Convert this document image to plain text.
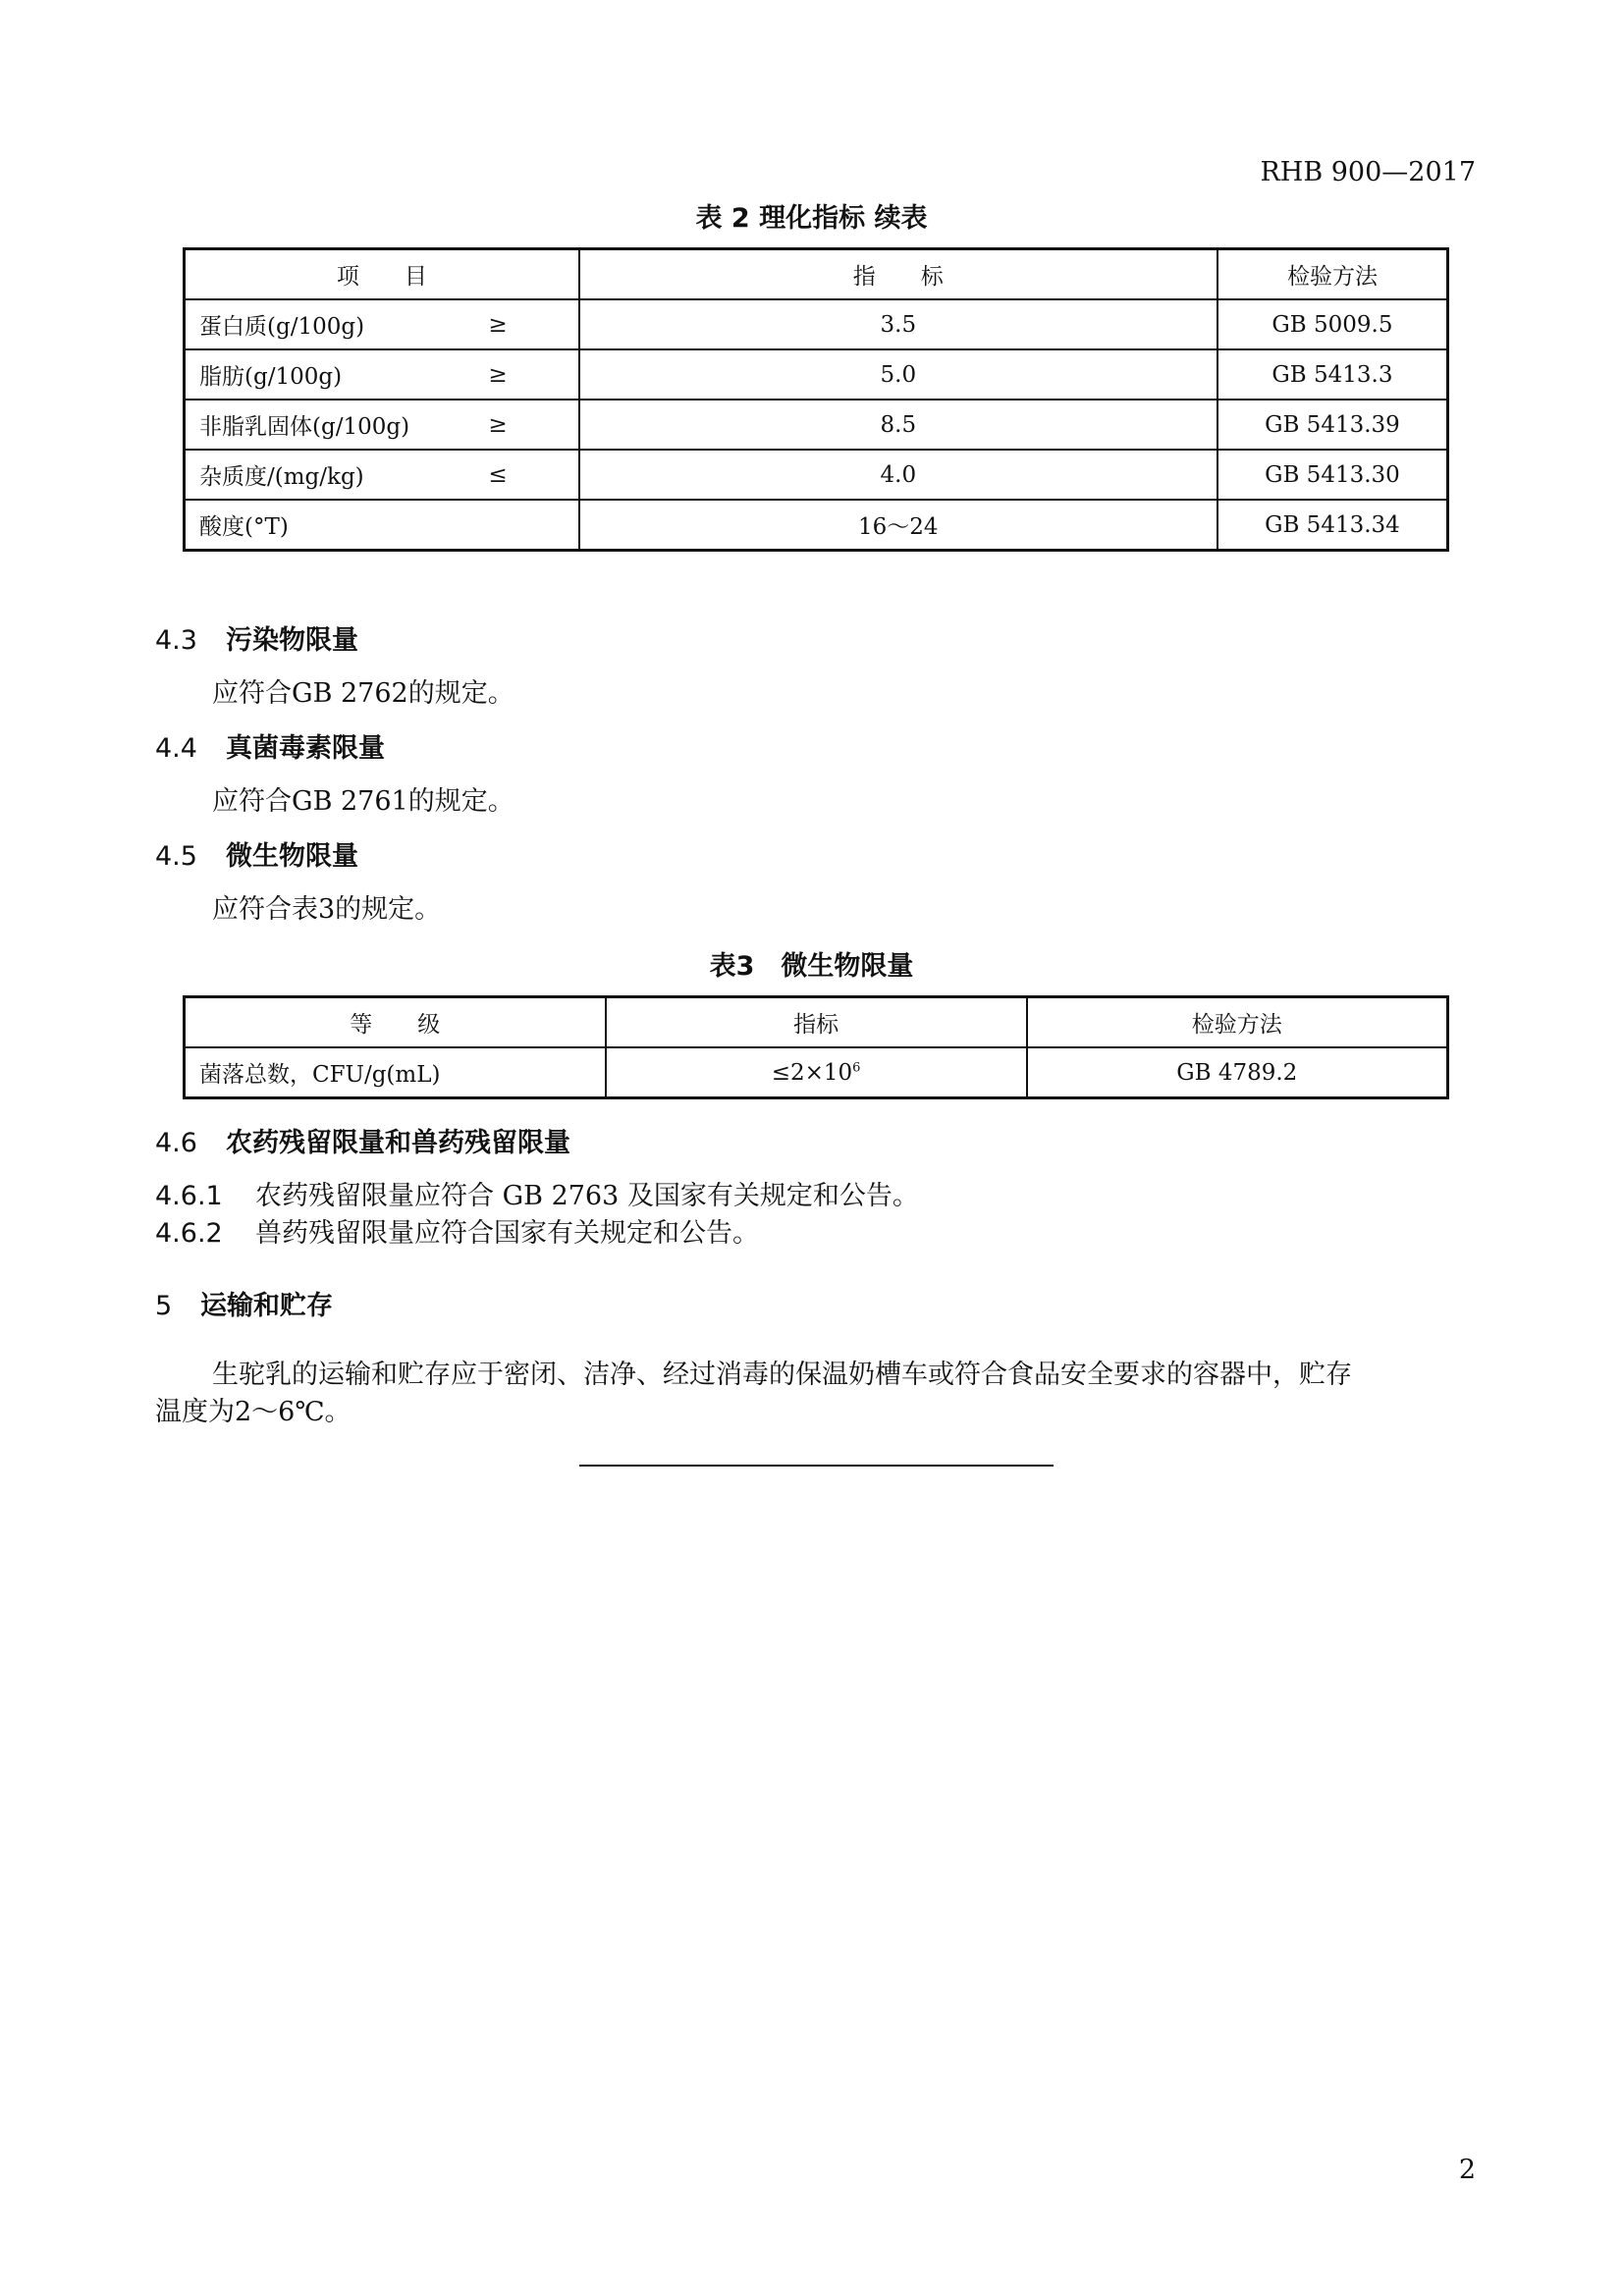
RHB 900—2017
表 2 理化指标 续表
项　　目	指　　标	检验方法
蛋白质(g/100g) ≥	3.5	GB 5009.5
脂肪(g/100g) ≥	5.0	GB 5413.3
非脂乳固体(g/100g) ≥	8.5	GB 5413.39
杂质度/(mg/kg) ≤	4.0	GB 5413.30
酸度(°T)	16～24	GB 5413.34
4.3 污染物限量
应符合GB 2762的规定。
4.4 真菌毒素限量
应符合GB 2761的规定。
4.5 微生物限量
应符合表3的规定。
表3　微生物限量
等　　级	指标	检验方法
菌落总数，CFU/g(mL)	$\le 2\times 10^6$	GB 4789.2
4.6 农药残留限量和兽药残留限量
4.6.1 农药残留限量应符合 GB 2763 及国家有关规定和公告。
4.6.2 兽药残留限量应符合国家有关规定和公告。
5 运输和贮存
生驼乳的运输和贮存应于密闭、洁净、经过消毒的保温奶槽车或符合食品安全要求的容器中，贮存
温度为2～6℃。
2
